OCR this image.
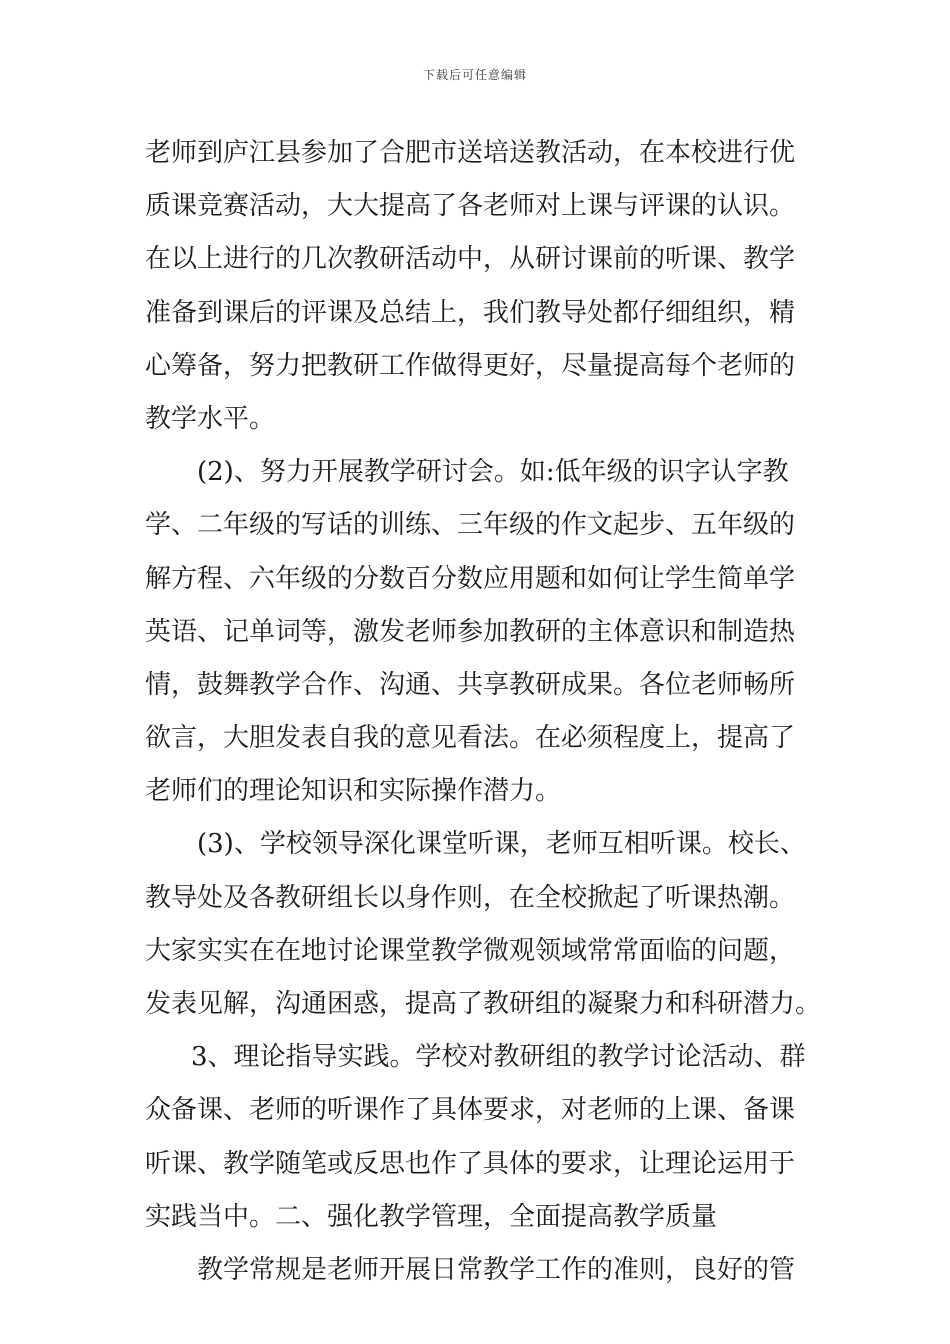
下载后可任意编辑
老师到庐江县参加了合肥市送培送教活动，在本校进行优
质课竞赛活动，大大提高了各老师对上课与评课的认识。
在以上进行的几次教研活动中，从研讨课前的听课、教学
准备到课后的评课及总结上，我们教导处都仔细组织，精
心筹备，努力把教研工作做得更好，尽量提高每个老师的
教学水平。
(2)、努力开展教学研讨会。如:低年级的识字认字教
学、二年级的写话的训练、三年级的作文起步、五年级的
解方程、六年级的分数百分数应用题和如何让学生简单学
英语、记单词等，激发老师参加教研的主体意识和制造热
情，鼓舞教学合作、沟通、共享教研成果。各位老师畅所
欲言，大胆发表自我的意见看法。在必须程度上，提高了
老师们的理论知识和实际操作潜力。
(3)、学校领导深化课堂听课，老师互相听课。校长、
教导处及各教研组长以身作则，在全校掀起了听课热潮。
大家实实在在地讨论课堂教学微观领域常常面临的问题，
发表见解，沟通困惑，提高了教研组的凝聚力和科研潜力。
3、理论指导实践。学校对教研组的教学讨论活动、群
众备课、老师的听课作了具体要求，对老师的上课、备课
听课、教学随笔或反思也作了具体的要求，让理论运用于
实践当中。二、强化教学管理，全面提高教学质量
教学常规是老师开展日常教学工作的准则，良好的管
